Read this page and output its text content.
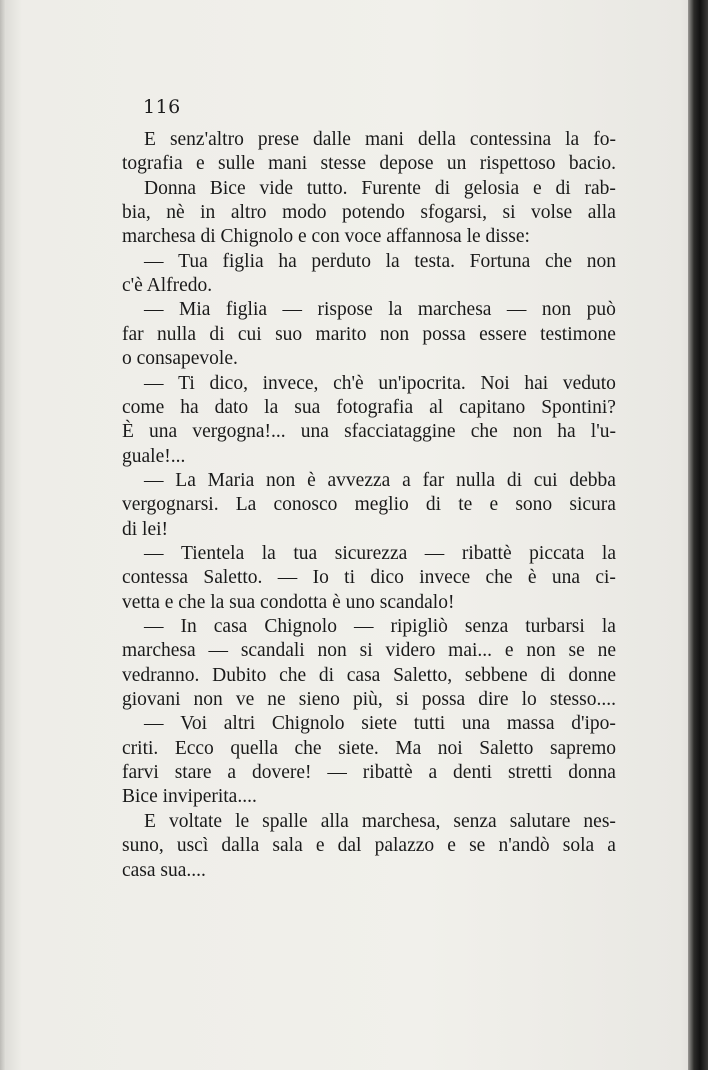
116
E senz'altro prese dalle mani della contessina la fo-
tografia e sulle mani stesse depose un rispettoso bacio.
Donna Bice vide tutto. Furente di gelosia e di rab-
bia, nè in altro modo potendo sfogarsi, si volse alla
marchesa di Chignolo e con voce affannosa le disse:
— Tua figlia ha perduto la testa. Fortuna che non
c'è Alfredo.
— Mia figlia — rispose la marchesa — non può
far nulla di cui suo marito non possa essere testimone
o consapevole.
— Ti dico, invece, ch'è un'ipocrita. Noi hai veduto
come ha dato la sua fotografia al capitano Spontini?
È una vergogna!... una sfacciataggine che non ha l'u-
guale!...
— La Maria non è avvezza a far nulla di cui debba
vergognarsi. La conosco meglio di te e sono sicura
di lei!
— Tientela la tua sicurezza — ribattè piccata la
contessa Saletto. — Io ti dico invece che è una ci-
vetta e che la sua condotta è uno scandalo!
— In casa Chignolo — ripigliò senza turbarsi la
marchesa — scandali non si videro mai... e non se ne
vedranno. Dubito che di casa Saletto, sebbene di donne
giovani non ve ne sieno più, si possa dire lo stesso....
— Voi altri Chignolo siete tutti una massa d'ipo-
criti. Ecco quella che siete. Ma noi Saletto sapremo
farvi stare a dovere! — ribattè a denti stretti donna
Bice inviperita....
E voltate le spalle alla marchesa, senza salutare nes-
suno, uscì dalla sala e dal palazzo e se n'andò sola a
casa sua....
